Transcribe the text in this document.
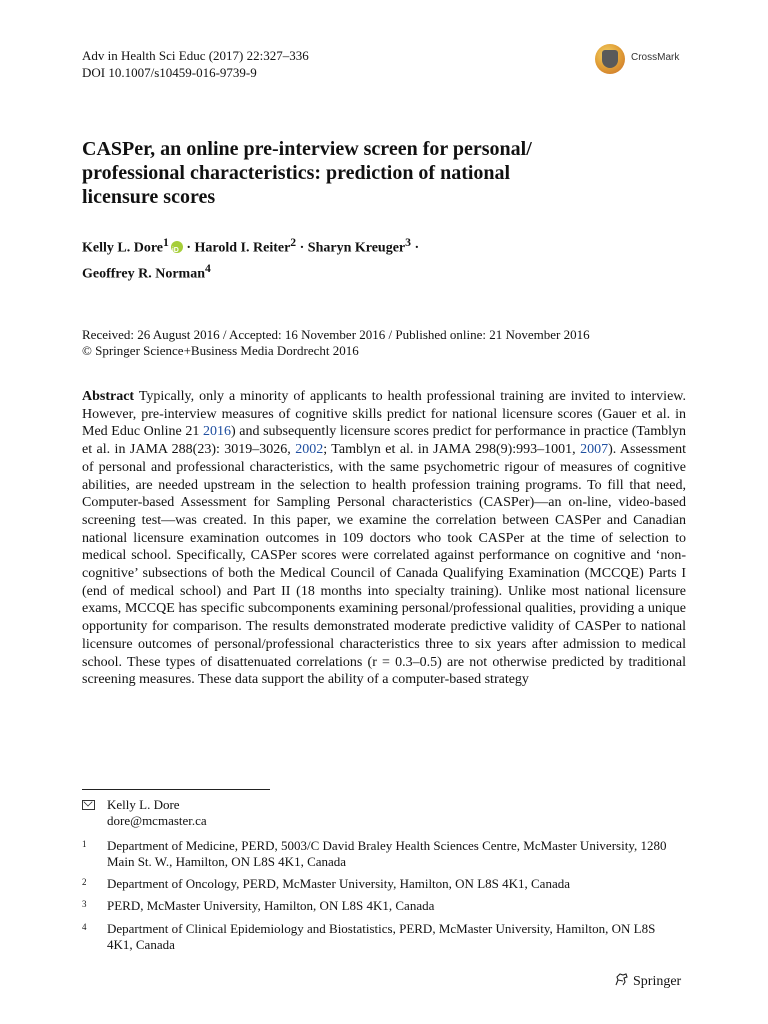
Adv in Health Sci Educ (2017) 22:327–336
DOI 10.1007/s10459-016-9739-9
CrossMark
CASPer, an online pre-interview screen for personal/
professional characteristics: prediction of national
licensure scores
Kelly L. Dore$^1$iD · Harold I. Reiter$^2$ · Sharyn Kreuger$^3$ ·
Geoffrey R. Norman$^4$
Received: 26 August 2016 / Accepted: 16 November 2016 / Published online: 21 November 2016
© Springer Science+Business Media Dordrecht 2016
Abstract Typically, only a minority of applicants to health professional training are invited to interview. However, pre-interview measures of cognitive skills predict for national licensure scores (Gauer et al. in Med Educ Online 21 2016) and subsequently licensure scores predict for performance in practice (Tamblyn et al. in JAMA 288(23): 3019–3026, 2002; Tamblyn et al. in JAMA 298(9):993–1001, 2007). Assessment of personal and professional characteristics, with the same psychometric rigour of measures of cognitive abilities, are needed upstream in the selection to health profession training programs. To fill that need, Computer-based Assessment for Sampling Personal characteristics (CASPer)—an on-line, video-based screening test—was created. In this paper, we examine the correlation between CASPer and Canadian national licensure examination outcomes in 109 doctors who took CASPer at the time of selection to medical school. Specifically, CASPer scores were correlated against performance on cognitive and ‘non-cognitive’ subsections of both the Medical Council of Canada Qualifying Examination (MCCQE) Parts I (end of medical school) and Part II (18 months into specialty training). Unlike most national licensure exams, MCCQE has specific subcomponents examining personal/professional qualities, providing a unique opportunity for comparison. The results demonstrated moderate predictive validity of CASPer to national licensure outcomes of personal/professional characteristics three to six years after admission to medical school. These types of disattenuated correlations (r = 0.3–0.5) are not otherwise predicted by traditional screening measures. These data support the ability of a computer-based strategy
Kelly L. Dore
dore@mcmaster.ca
1 Department of Medicine, PERD, 5003/C David Braley Health Sciences Centre, McMaster University, 1280 Main St. W., Hamilton, ON L8S 4K1, Canada
2 Department of Oncology, PERD, McMaster University, Hamilton, ON L8S 4K1, Canada
3 PERD, McMaster University, Hamilton, ON L8S 4K1, Canada
4 Department of Clinical Epidemiology and Biostatistics, PERD, McMaster University, Hamilton, ON L8S 4K1, Canada
Springer
